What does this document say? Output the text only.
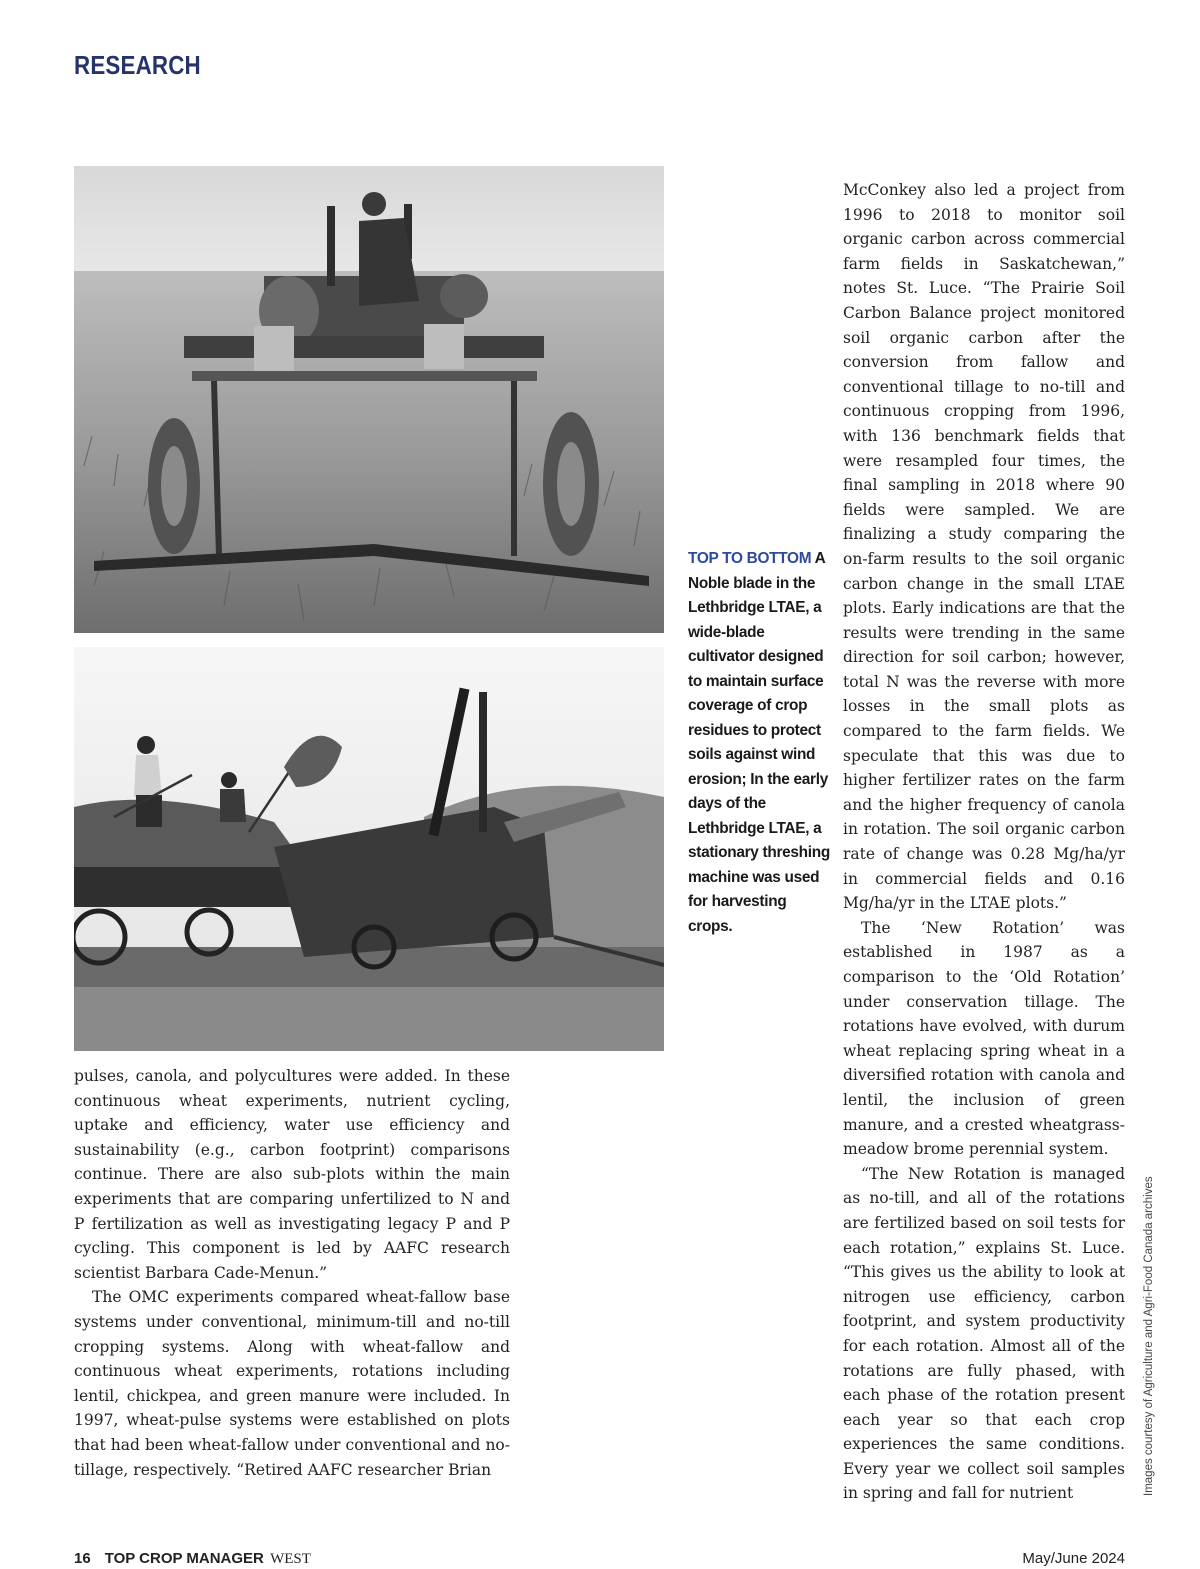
RESEARCH
TOP TO BOTTOM A Noble blade in the Lethbridge LTAE, a wide-blade cultivator designed to maintain surface coverage of crop residues to protect soils against wind erosion; In the early days of the Lethbridge LTAE, a stationary threshing machine was used for harvesting crops.

pulses, canola, and polycultures were added. In these continuous wheat experiments, nutrient cycling, uptake and efficiency, water use efficiency and sustainability (e.g., carbon footprint) comparisons continue. There are also sub-plots within the main experiments that are comparing unfertilized to N and P fertilization as well as investigating legacy P and P cycling. This component is led by AAFC research scientist Barbara Cade-Menun.”

The OMC experiments compared wheat-fallow base systems under conventional, minimum-till and no-till cropping systems. Along with wheat-fallow and continuous wheat experiments, rotations including lentil, chickpea, and green manure were included. In 1997, wheat-pulse systems were established on plots that had been wheat-fallow under conventional and no-tillage, respectively. “Retired AAFC researcher Brian

McConkey also led a project from 1996 to 2018 to monitor soil organic carbon across commercial farm fields in Saskatchewan,” notes St. Luce. “The Prairie Soil Carbon Balance project monitored soil organic carbon after the conversion from fallow and conventional tillage to no-till and continuous cropping from 1996, with 136 benchmark fields that were resampled four times, the final sampling in 2018 where 90 fields were sampled. We are finalizing a study comparing the on-farm results to the soil organic carbon change in the small LTAE plots. Early indications are that the results were trending in the same direction for soil carbon; however, total N was the reverse with more losses in the small plots as compared to the farm fields. We speculate that this was due to higher fertilizer rates on the farm and the higher frequency of canola in rotation. The soil organic carbon rate of change was 0.28 Mg/ha/yr in commercial fields and 0.16 Mg/ha/yr in the LTAE plots.”

The ‘New Rotation’ was established in 1987 as a comparison to the ‘Old Rotation’ under conservation tillage. The rotations have evolved, with durum wheat replacing spring wheat in a diversified rotation with canola and lentil, the inclusion of green manure, and a crested wheatgrass-meadow brome perennial system.

“The New Rotation is managed as no-till, and all of the rotations are fertilized based on soil tests for each rotation,” explains St. Luce. “This gives us the ability to look at nitrogen use efficiency, carbon footprint, and system productivity for each rotation. Almost all of the rotations are fully phased, with each phase of the rotation present each year so that each crop experiences the same conditions. Every year we collect soil samples in spring and fall for nutrient	Images courtesy of Agriculture and Agri-Food Canada archives
16 TOP CROP MANAGER WEST	May/June 2024
